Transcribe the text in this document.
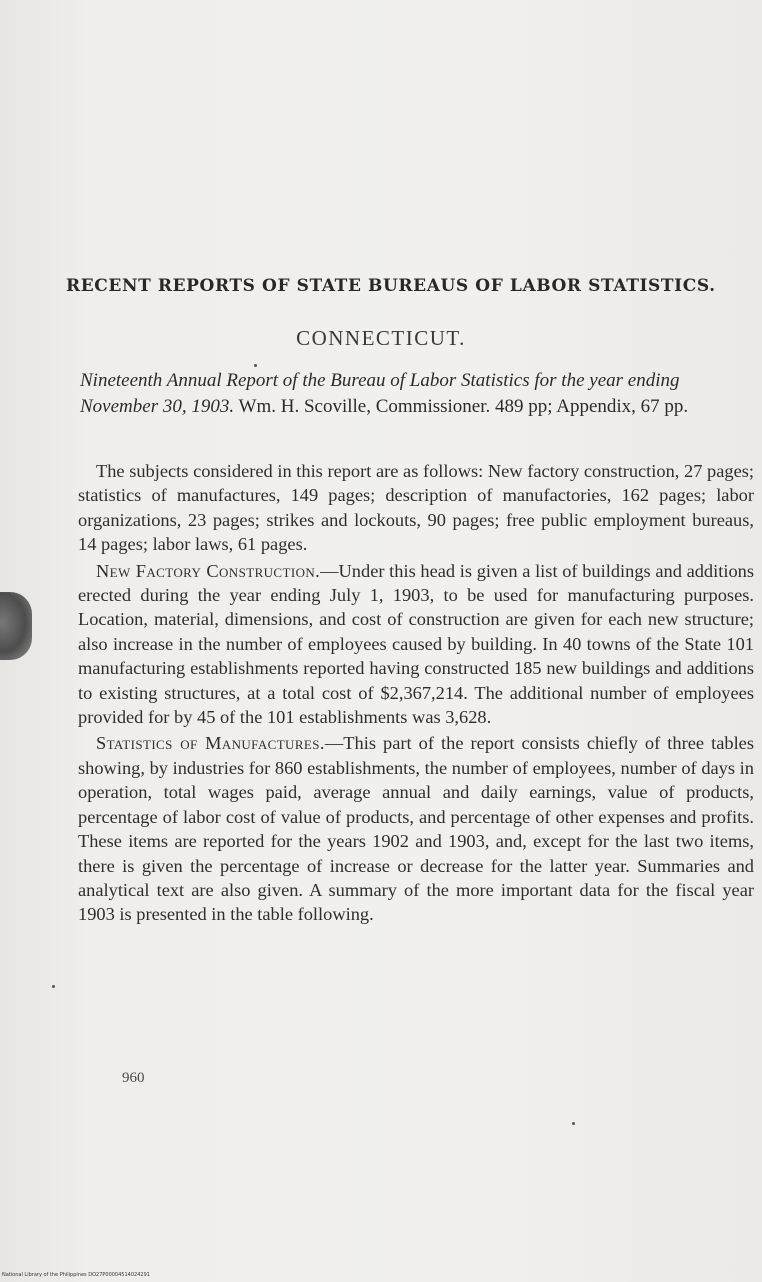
RECENT REPORTS OF STATE BUREAUS OF LABOR STATISTICS.
CONNECTICUT.
Nineteenth Annual Report of the Bureau of Labor Statistics for the year ending November 30, 1903. Wm. H. Scoville, Commissioner. 489 pp; Appendix, 67 pp.

The subjects considered in this report are as follows: New factory construction, 27 pages; statistics of manufactures, 149 pages; description of manufactories, 162 pages; labor organizations, 23 pages; strikes and lockouts, 90 pages; free public employment bureaus, 14 pages; labor laws, 61 pages.

New Factory Construction.—Under this head is given a list of buildings and additions erected during the year ending July 1, 1903, to be used for manufacturing purposes. Location, material, dimensions, and cost of construction are given for each new structure; also increase in the number of employees caused by building. In 40 towns of the State 101 manufacturing establishments reported having constructed 185 new buildings and additions to existing structures, at a total cost of $2,367,214. The additional number of employees provided for by 45 of the 101 establishments was 3,628.

Statistics of Manufactures.—This part of the report consists chiefly of three tables showing, by industries for 860 establishments, the number of employees, number of days in operation, total wages paid, average annual and daily earnings, value of products, percentage of labor cost of value of products, and percentage of other expenses and profits. These items are reported for the years 1902 and 1903, and, except for the last two items, there is given the percentage of increase or decrease for the latter year. Summaries and analytical text are also given. A summary of the more important data for the fiscal year 1903 is presented in the table following.

960
National Library of the Philippines DO27P00004514024291
